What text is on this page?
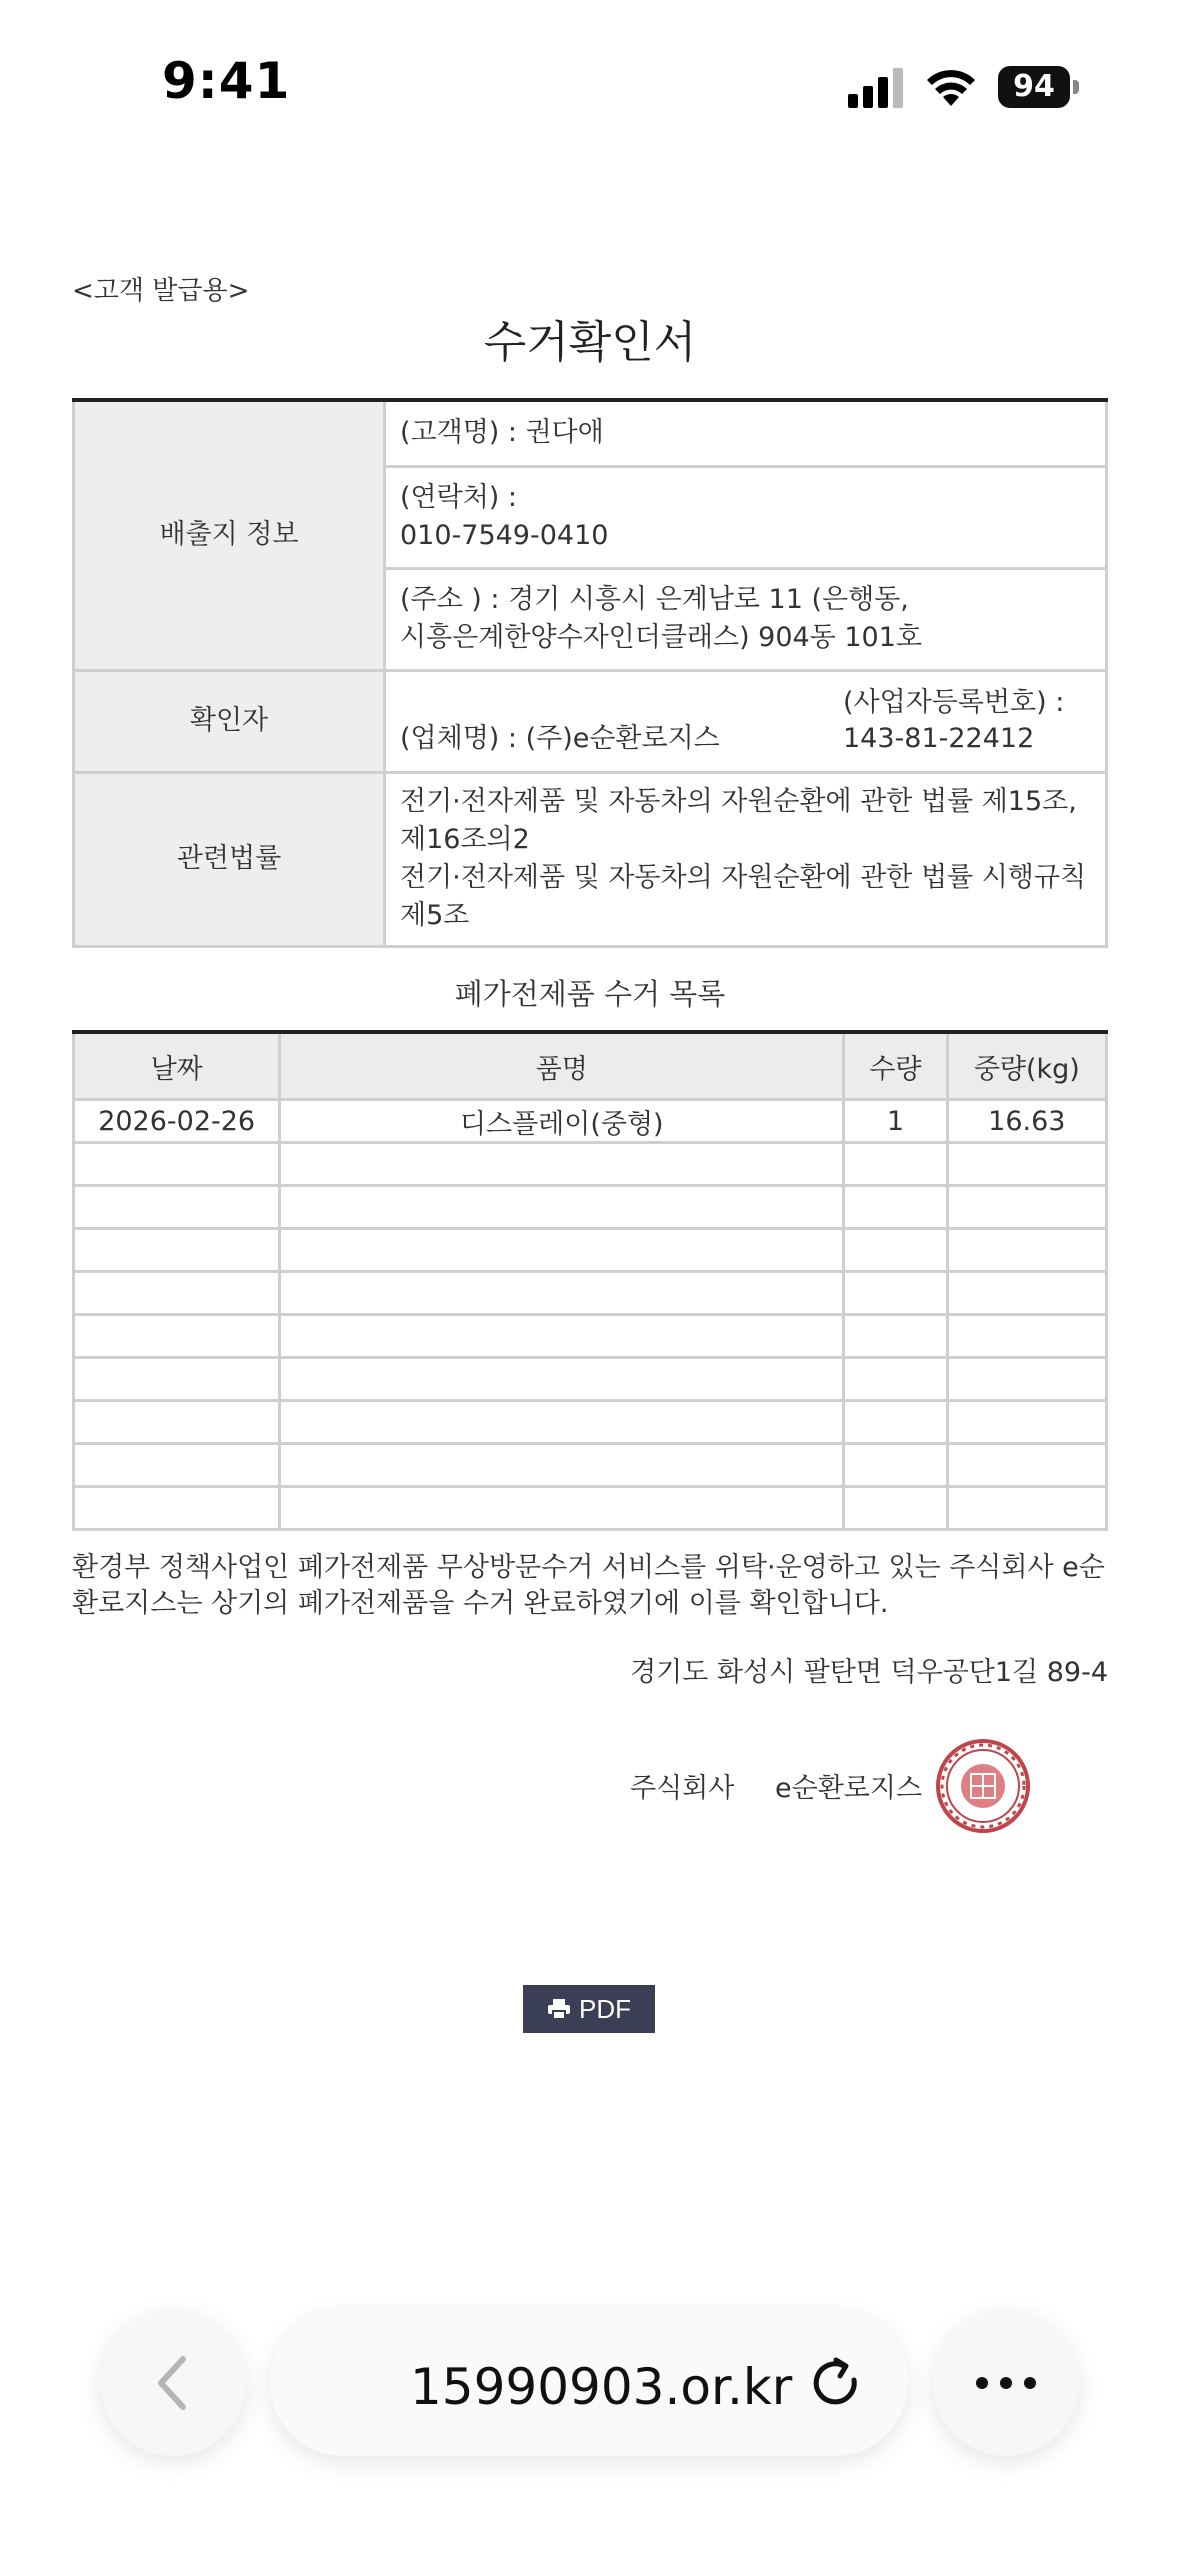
9:41	94
<고객 발급용>
수거확인서
배출지 정보	(고객명) : 권다애

	(연락처) :
010-7549-0410

	(주소 ) : 경기 시흥시 은계남로 11 (은행동,
시흥은계한양수자인더클래스) 904동 101호

확인자	(업체명) : (주)e순환로지스
(사업자등록번호) :
143-81-22412

관련법률	전기·전자제품 및 자동차의 자원순환에 관한 법률 제15조,
제16조의2
전기·전자제품 및 자동차의 자원순환에 관한 법률 시행규칙
제5조
폐가전제품 수거 목록
날짜	품명	수량	중량(kg)
2026-02-26	디스플레이(중형)	1	16.63

환경부 정책사업인 폐가전제품 무상방문수거 서비스를 위탁·운영하고 있는 주식회사 e순
환로지스는 상기의 폐가전제품을 수거 완료하였기에 이를 확인합니다.
경기도 화성시 팔탄면 덕우공단1길 89-4
주식회사 e순환로지스
PDF
15990903.or.kr
